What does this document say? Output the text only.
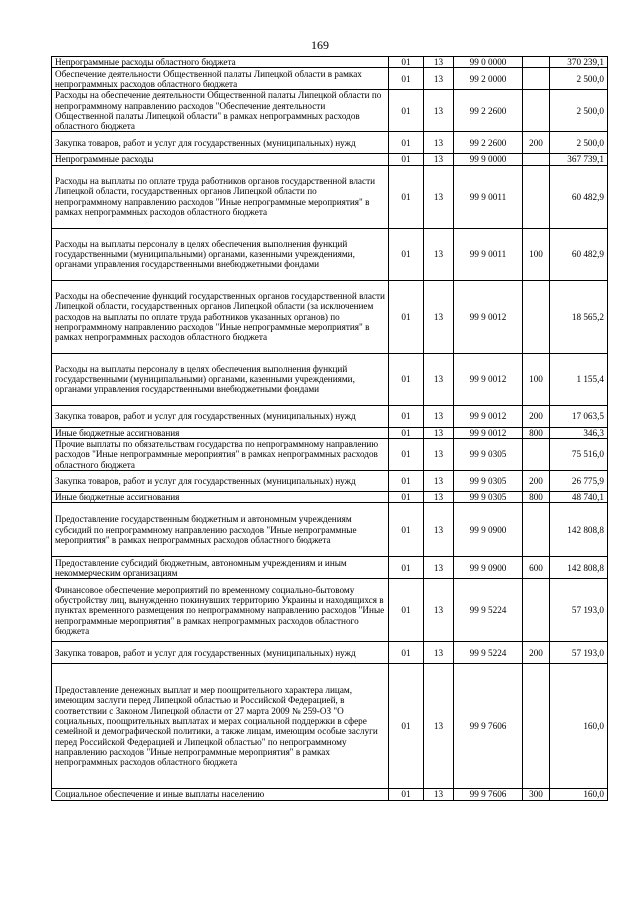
169
Непрограммные расходы областного бюджета	01	13	99 0 0000		370 239,1
Обеспечение деятельности Общественной палаты Липецкой области в рамках непрограммных расходов областного бюджета	01	13	99 2 0000		2 500,0
Расходы на обеспечение деятельности Общественной палаты Липецкой области по непрограммному направлению расходов "Обеспечение деятельности Общественной палаты Липецкой области" в рамках непрограммных расходов областного бюджета	01	13	99 2 2600		2 500,0
Закупка товаров, работ и услуг для государственных (муниципальных) нужд	01	13	99 2 2600	200	2 500,0
Непрограммные расходы	01	13	99 9 0000		367 739,1
Расходы на выплаты по оплате труда работников органов государственной власти Липецкой области, государственных органов Липецкой области по непрограммному направлению расходов "Иные непрограммные мероприятия" в рамках непрограммных расходов областного бюджета	01	13	99 9 0011		60 482,9
Расходы на выплаты персоналу в целях обеспечения выполнения функций государственными (муниципальными) органами, казенными учреждениями, органами управления государственными внебюджетными фондами	01	13	99 9 0011	100	60 482,9
Расходы на обеспечение функций государственных органов государственной власти Липецкой области, государственных органов Липецкой области (за исключением расходов на выплаты по оплате труда работников указанных органов) по непрограммному направлению расходов "Иные непрограммные мероприятия" в рамках непрограммных расходов областного бюджета	01	13	99 9 0012		18 565,2
Расходы на выплаты персоналу в целях обеспечения выполнения функций государственными (муниципальными) органами, казенными учреждениями, органами управления государственными внебюджетными фондами	01	13	99 9 0012	100	1 155,4
Закупка товаров, работ и услуг для государственных (муниципальных) нужд	01	13	99 9 0012	200	17 063,5
Иные бюджетные ассигнования	01	13	99 9 0012	800	346,3
Прочие выплаты по обязательствам государства по непрограммному направлению расходов "Иные непрограммные мероприятия" в рамках непрограммных расходов областного бюджета	01	13	99 9 0305		75 516,0
Закупка товаров, работ и услуг для государственных (муниципальных) нужд	01	13	99 9 0305	200	26 775,9
Иные бюджетные ассигнования	01	13	99 9 0305	800	48 740,1
Предоставление государственным бюджетным и автономным учреждениям субсидий по непрограммному направлению расходов "Иные непрограммные мероприятия" в рамках непрограммных расходов областного бюджета	01	13	99 9 0900		142 808,8
Предоставление субсидий бюджетным, автономным учреждениям и иным некоммерческим организациям	01	13	99 9 0900	600	142 808,8
Финансовое обеспечение мероприятий по временному социально-бытовому обустройству лиц, вынужденно покинувших территорию Украины и находящихся в пунктах временного размещения по непрограммному направлению расходов "Иные непрограммные мероприятия" в рамках непрограммных расходов областного бюджета	01	13	99 9 5224		57 193,0
Закупка товаров, работ и услуг для государственных (муниципальных) нужд	01	13	99 9 5224	200	57 193,0
Предоставление денежных выплат и мер поощрительного характера лицам, имеющим заслуги перед Липецкой областью и Российской Федерацией, в соответствии с Законом Липецкой области от 27 марта 2009 № 259-ОЗ "О социальных, поощрительных выплатах и мерах социальной поддержки в сфере семейной и демографической политики, а также лицам, имеющим особые заслуги перед Российской Федерацией и Липецкой областью" по непрограммному направлению расходов "Иные непрограммные мероприятия" в рамках непрограммных расходов областного бюджета	01	13	99 9 7606		160,0
Социальное обеспечение и иные выплаты населению	01	13	99 9 7606	300	160,0
